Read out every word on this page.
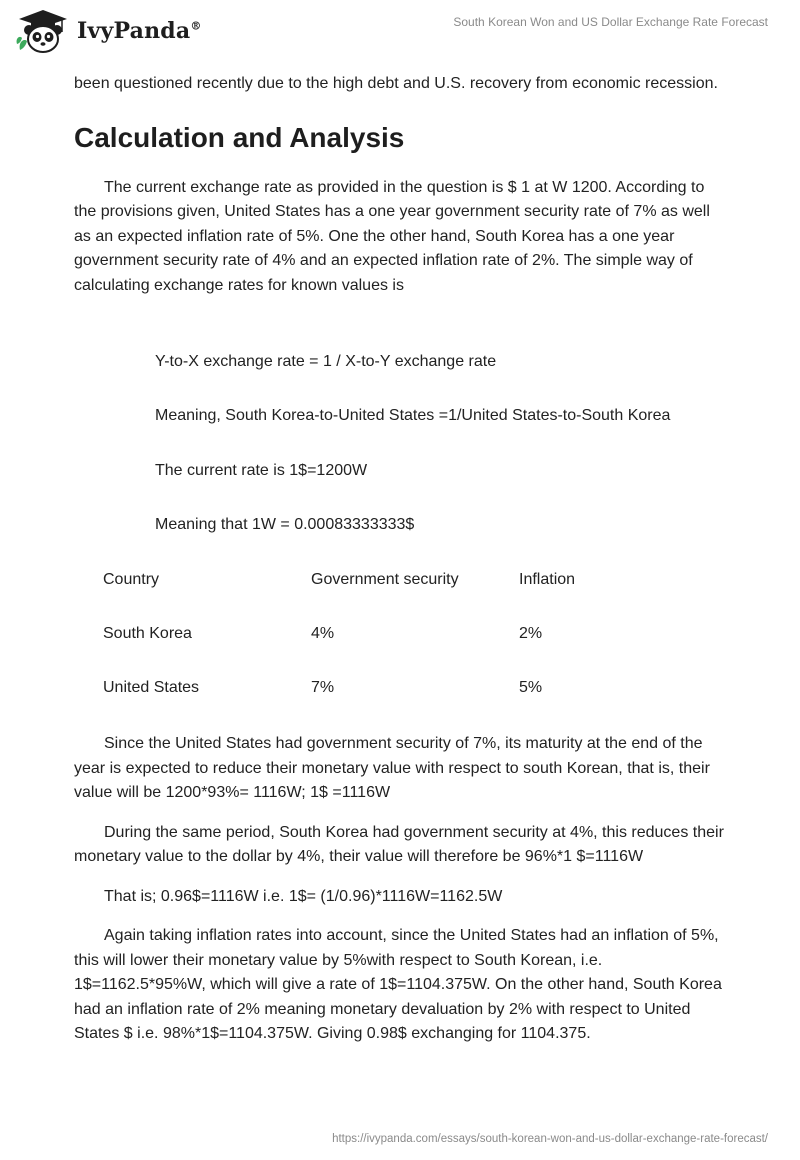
IvyPanda®	South Korean Won and US Dollar Exchange Rate Forecast

been questioned recently due to the high debt and U.S. recovery from economic recession.

Calculation and Analysis

The current exchange rate as provided in the question is $ 1 at W 1200. According to the provisions given, United States has a one year government security rate of 7% as well as an expected inflation rate of 5%. One the other hand, South Korea has a one year government security rate of 4% and an expected inflation rate of 2%. The simple way of calculating exchange rates for known values is

Y-to-X exchange rate = 1 / X-to-Y exchange rate
Meaning, South Korea-to-United States =1/United States-to-South Korea
The current rate is 1$=1200W
Meaning that 1W = 0.00083333333$
Country	Government security	Inflation
South Korea	4%	2%
United States	7%	5%

Since the United States had government security of 7%, its maturity at the end of the year is expected to reduce their monetary value with respect to south Korean, that is, their value will be 1200*93%= 1116W; 1$ =1116W

During the same period, South Korea had government security at 4%, this reduces their monetary value to the dollar by 4%, their value will therefore be 96%*1 $=1116W

That is; 0.96$=1116W i.e. 1$= (1/0.96)*1116W=1162.5W

Again taking inflation rates into account, since the United States had an inflation of 5%, this will lower their monetary value by 5%with respect to South Korean, i.e. 1$=1162.5*95%W, which will give a rate of 1$=1104.375W. On the other hand, South Korea had an inflation rate of 2% meaning monetary devaluation by 2% with respect to United States $ i.e. 98%*1$=1104.375W. Giving 0.98$ exchanging for 1104.375.

https://ivypanda.com/essays/south-korean-won-and-us-dollar-exchange-rate-forecast/
